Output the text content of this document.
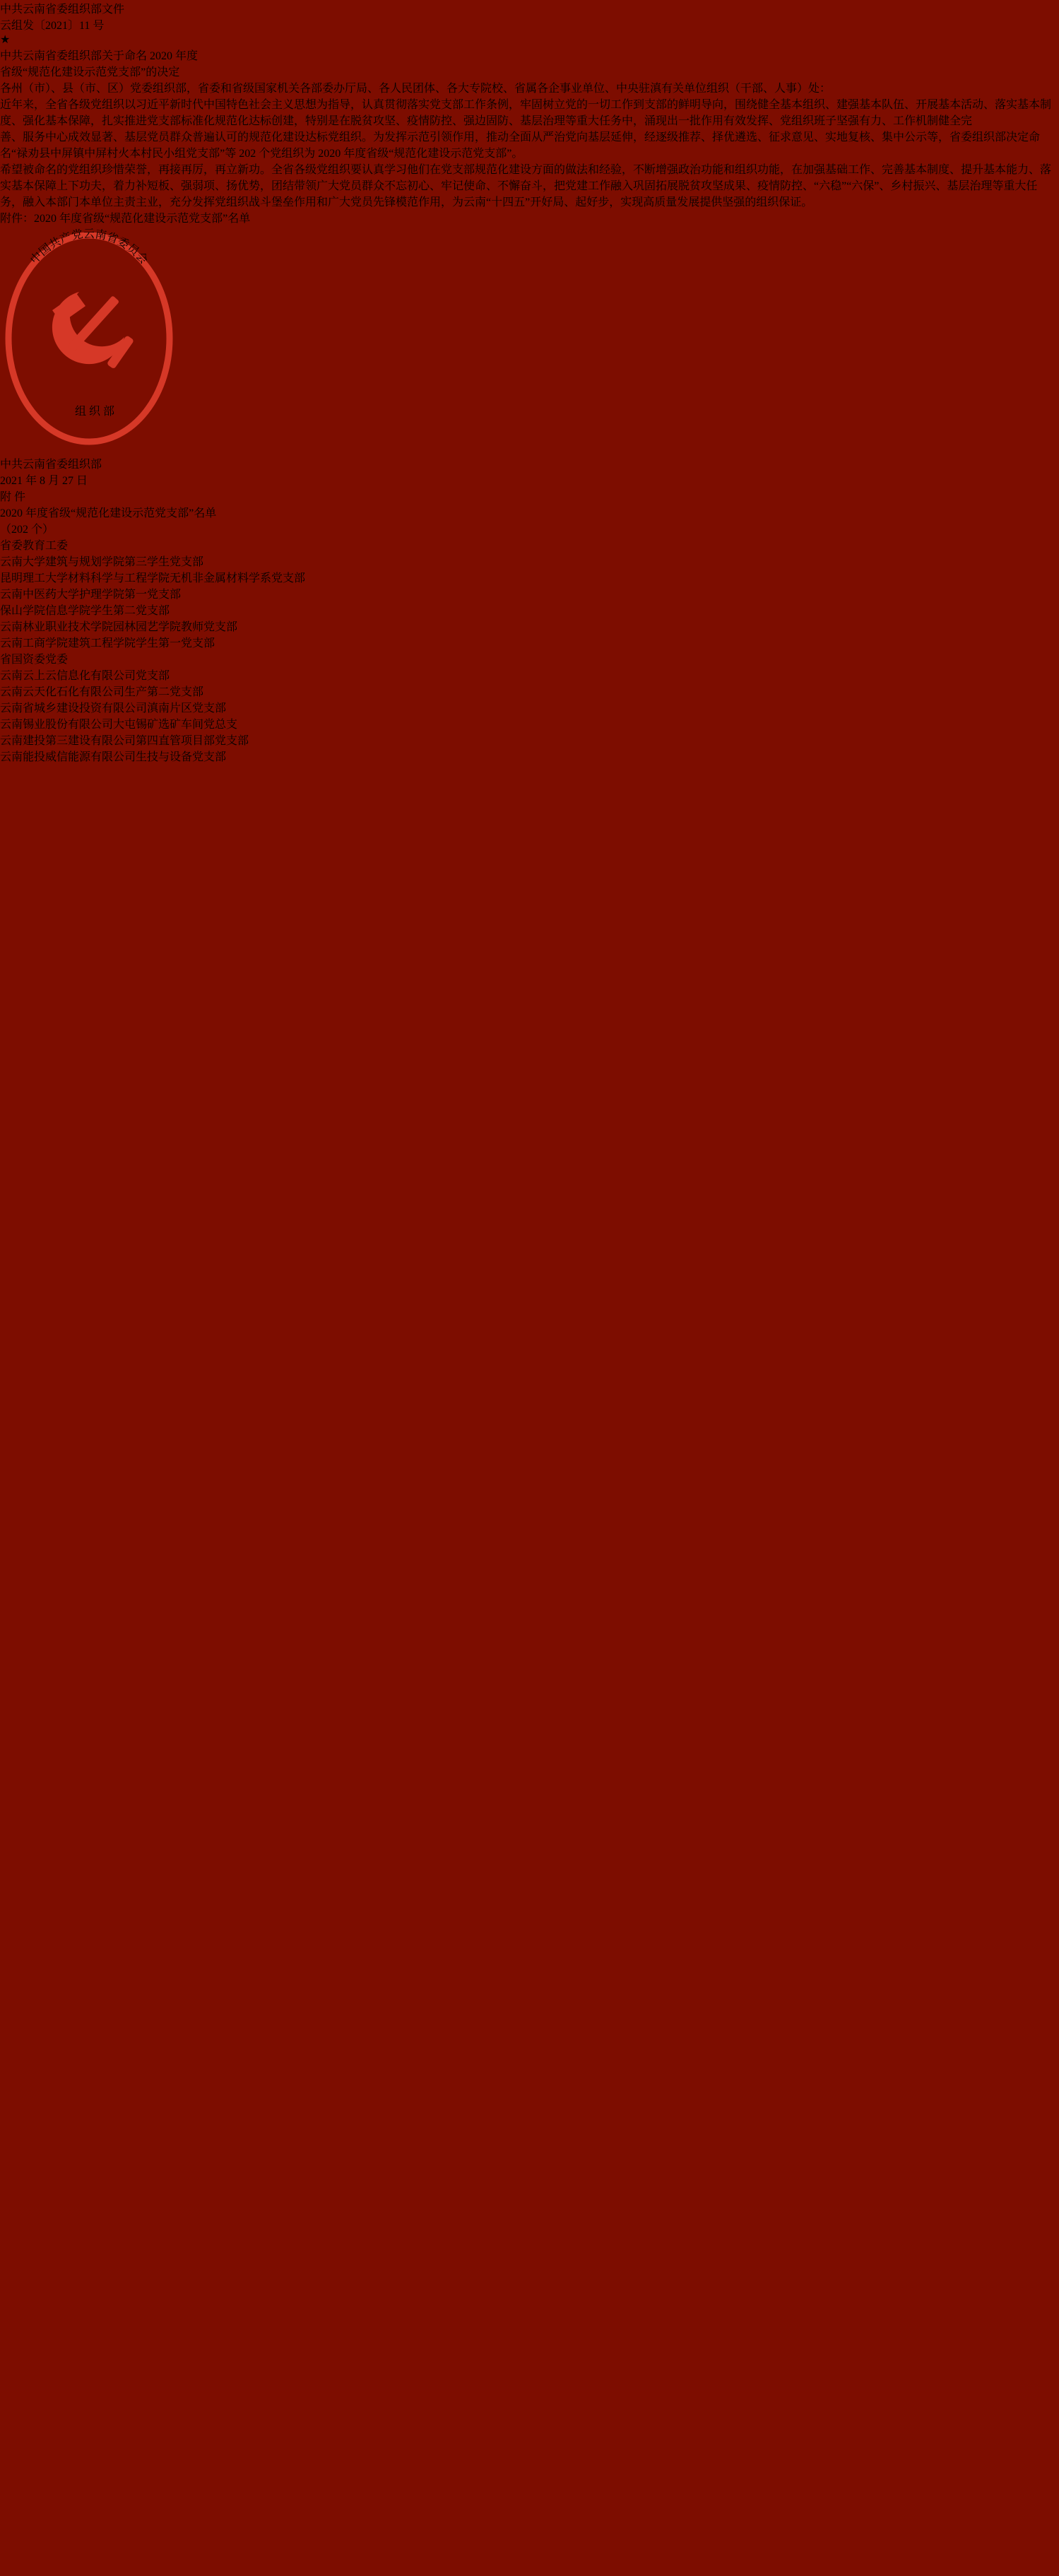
中共云南省委组织部文件
云组发〔2021〕11 号
★
中共云南省委组织部关于命名 2020 年度
省级“规范化建设示范党支部”的决定

各州（市）、县（市、区）党委组织部，省委和省级国家机关各部委办厅局、各人民团体、各大专院校、省属各企事业单位、中央驻滇有关单位组织（干部、人事）处：

近年来，全省各级党组织以习近平新时代中国特色社会主义思想为指导，认真贯彻落实党支部工作条例，牢固树立党的一切工作到支部的鲜明导向，围绕健全基本组织、建强基本队伍、开展基本活动、落实基本制度、强化基本保障，扎实推进党支部标准化规范化达标创建，特别是在脱贫攻坚、疫情防控、强边固防、基层治理等重大任务中，涌现出一批作用有效发挥、党组织班子坚强有力、工作机制健全完

善、服务中心成效显著、基层党员群众普遍认可的规范化建设达标党组织。为发挥示范引领作用，推动全面从严治党向基层延伸，经逐级推荐、择优遴选、征求意见、实地复核、集中公示等，省委组织部决定命名“禄劝县中屏镇中屏村火本村民小组党支部”等 202 个党组织为 2020 年度省级“规范化建设示范党支部”。

希望被命名的党组织珍惜荣誉，再接再厉，再立新功。全省各级党组织要认真学习他们在党支部规范化建设方面的做法和经验，不断增强政治功能和组织功能，在加强基础工作、完善基本制度、提升基本能力、落实基本保障上下功夫，着力补短板、强弱项、扬优势，团结带领广大党员群众不忘初心、牢记使命、不懈奋斗，把党建工作融入巩固拓展脱贫攻坚成果、疫情防控、“六稳”“六保”、乡村振兴、基层治理等重大任务，融入本部门本单位主责主业，充分发挥党组织战斗堡垒作用和广大党员先锋模范作用，为云南“十四五”开好局、起好步，实现高质量发展提供坚强的组织保证。

附件：2020 年度省级“规范化建设示范党支部”名单

中国共产党云南省委员会
组 织 部
中共云南省委组织部
2021 年 8 月 27 日
附 件
2020 年度省级“规范化建设示范党支部”名单
（202 个）
省委教育工委
云南大学建筑与规划学院第三学生党支部
昆明理工大学材料科学与工程学院无机非金属材料学系党支部
云南中医药大学护理学院第一党支部
保山学院信息学院学生第二党支部
云南林业职业技术学院园林园艺学院教师党支部
云南工商学院建筑工程学院学生第一党支部
省国资委党委
云南云上云信息化有限公司党支部
云南云天化石化有限公司生产第二党支部
云南省城乡建设投资有限公司滇南片区党支部
云南锡业股份有限公司大屯锡矿选矿车间党总支
云南建投第三建设有限公司第四直管项目部党支部
云南能投威信能源有限公司生技与设备党支部
